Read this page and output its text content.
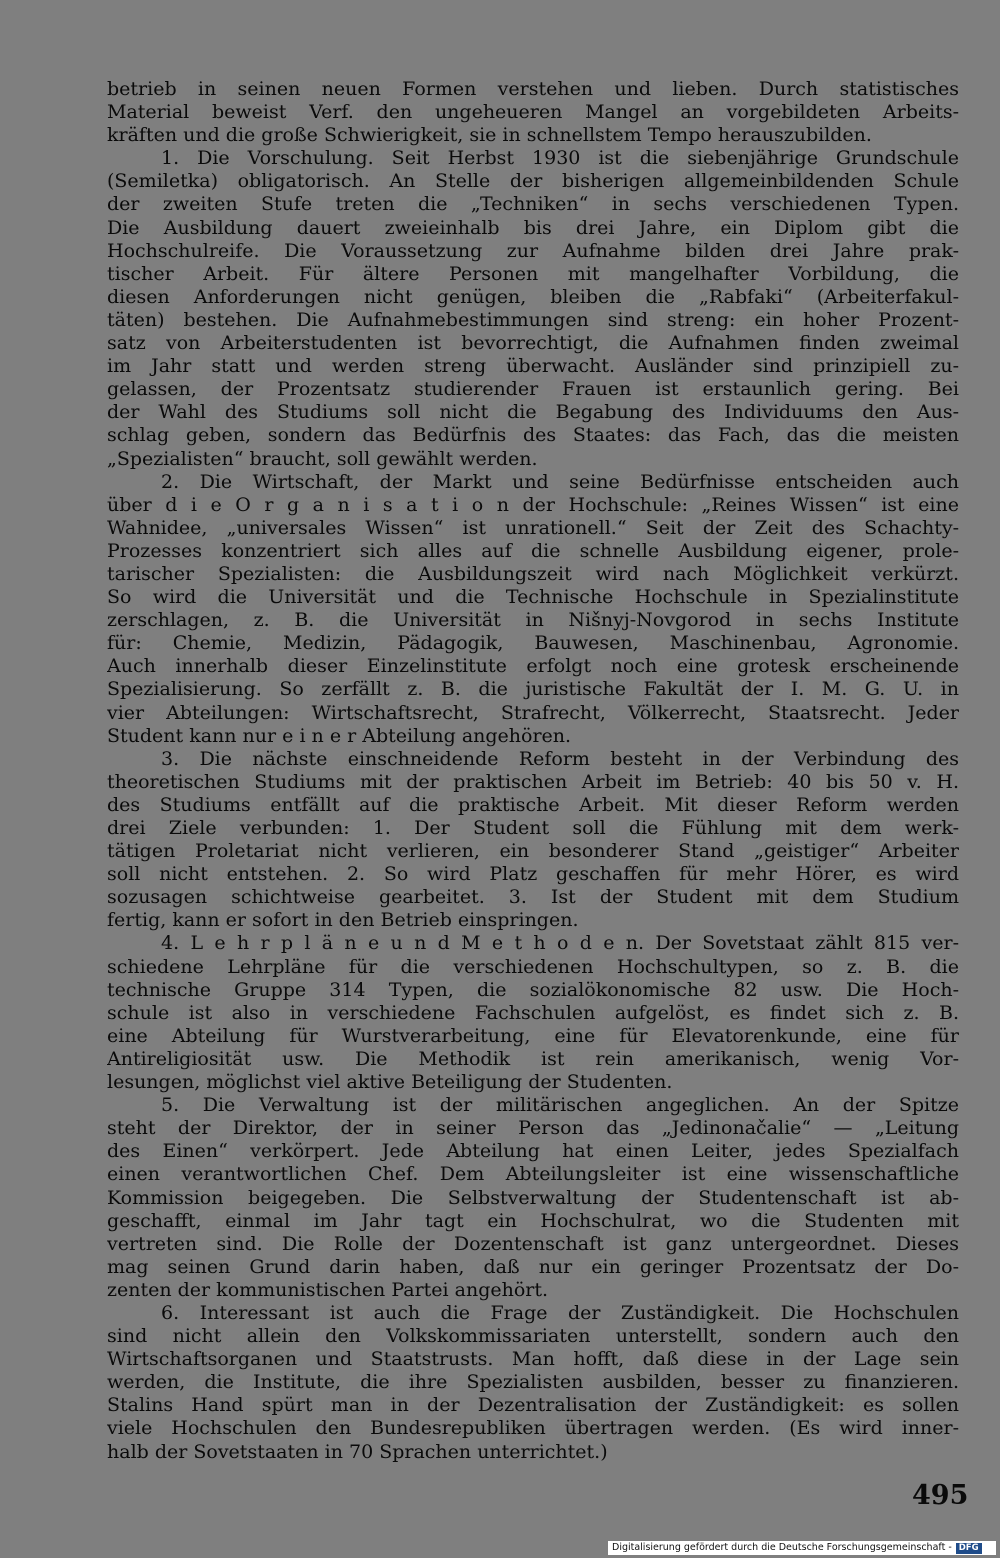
betrieb in seinen neuen Formen verstehen und lieben. Durch statistisches
Material beweist Verf. den ungeheueren Mangel an vorgebildeten Arbeits-
kräften und die große Schwierigkeit, sie in schnellstem Tempo herauszubilden.
1. Die Vorschulung. Seit Herbst 1930 ist die siebenjährige Grundschule
(Semiletka) obligatorisch. An Stelle der bisherigen allgemeinbildenden Schule
der zweiten Stufe treten die „Techniken“ in sechs verschiedenen Typen.
Die Ausbildung dauert zweieinhalb bis drei Jahre, ein Diplom gibt die
Hochschulreife. Die Voraussetzung zur Aufnahme bilden drei Jahre prak-
tischer Arbeit. Für ältere Personen mit mangelhafter Vorbildung, die
diesen Anforderungen nicht genügen, bleiben die „Rabfaki“ (Arbeiterfakul-
täten) bestehen. Die Aufnahmebestimmungen sind streng: ein hoher Prozent-
satz von Arbeiterstudenten ist bevorrechtigt, die Aufnahmen finden zweimal
im Jahr statt und werden streng überwacht. Ausländer sind prinzipiell zu-
gelassen, der Prozentsatz studierender Frauen ist erstaunlich gering. Bei
der Wahl des Studiums soll nicht die Begabung des Individuums den Aus-
schlag geben, sondern das Bedürfnis des Staates: das Fach, das die meisten
„Spezialisten“ braucht, soll gewählt werden.
2. Die Wirtschaft, der Markt und seine Bedürfnisse entscheiden auch
über d i e O r g a n i s a t i o n der Hochschule: „Reines Wissen“ ist eine
Wahnidee, „universales Wissen“ ist unrationell.“ Seit der Zeit des Schachty-
Prozesses konzentriert sich alles auf die schnelle Ausbildung eigener, prole-
tarischer Spezialisten: die Ausbildungszeit wird nach Möglichkeit verkürzt.
So wird die Universität und die Technische Hochschule in Spezialinstitute
zerschlagen, z. B. die Universität in Nišnyj-Novgorod in sechs Institute
für: Chemie, Medizin, Pädagogik, Bauwesen, Maschinenbau, Agronomie.
Auch innerhalb dieser Einzelinstitute erfolgt noch eine grotesk erscheinende
Spezialisierung. So zerfällt z. B. die juristische Fakultät der I. M. G. U. in
vier Abteilungen: Wirtschaftsrecht, Strafrecht, Völkerrecht, Staatsrecht. Jeder
Student kann nur e i n e r Abteilung angehören.
3. Die nächste einschneidende Reform besteht in der Verbindung des
theoretischen Studiums mit der praktischen Arbeit im Betrieb: 40 bis 50 v. H.
des Studiums entfällt auf die praktische Arbeit. Mit dieser Reform werden
drei Ziele verbunden: 1. Der Student soll die Fühlung mit dem werk-
tätigen Proletariat nicht verlieren, ein besonderer Stand „geistiger“ Arbeiter
soll nicht entstehen. 2. So wird Platz geschaffen für mehr Hörer, es wird
sozusagen schichtweise gearbeitet. 3. Ist der Student mit dem Studium
fertig, kann er sofort in den Betrieb einspringen.
4. L e h r p l ä n e u n d M e t h o d e n. Der Sovetstaat zählt 815 ver-
schiedene Lehrpläne für die verschiedenen Hochschultypen, so z. B. die
technische Gruppe 314 Typen, die sozialökonomische 82 usw. Die Hoch-
schule ist also in verschiedene Fachschulen aufgelöst, es findet sich z. B.
eine Abteilung für Wurstverarbeitung, eine für Elevatorenkunde, eine für
Antireligiosität usw. Die Methodik ist rein amerikanisch, wenig Vor-
lesungen, möglichst viel aktive Beteiligung der Studenten.
5. Die Verwaltung ist der militärischen angeglichen. An der Spitze
steht der Direktor, der in seiner Person das „Jedinonačalie“ — „Leitung
des Einen“ verkörpert. Jede Abteilung hat einen Leiter, jedes Spezialfach
einen verantwortlichen Chef. Dem Abteilungsleiter ist eine wissenschaftliche
Kommission beigegeben. Die Selbstverwaltung der Studentenschaft ist ab-
geschafft, einmal im Jahr tagt ein Hochschulrat, wo die Studenten mit
vertreten sind. Die Rolle der Dozentenschaft ist ganz untergeordnet. Dieses
mag seinen Grund darin haben, daß nur ein geringer Prozentsatz der Do-
zenten der kommunistischen Partei angehört.
6. Interessant ist auch die Frage der Zuständigkeit. Die Hochschulen
sind nicht allein den Volkskommissariaten unterstellt, sondern auch den
Wirtschaftsorganen und Staatstrusts. Man hofft, daß diese in der Lage sein
werden, die Institute, die ihre Spezialisten ausbilden, besser zu finanzieren.
Stalins Hand spürt man in der Dezentralisation der Zuständigkeit: es sollen
viele Hochschulen den Bundesrepubliken übertragen werden. (Es wird inner-
halb der Sovetstaaten in 70 Sprachen unterrichtet.)
495
Digitalisierung gefördert durch die Deutsche Forschungsgemeinschaft - DFG
